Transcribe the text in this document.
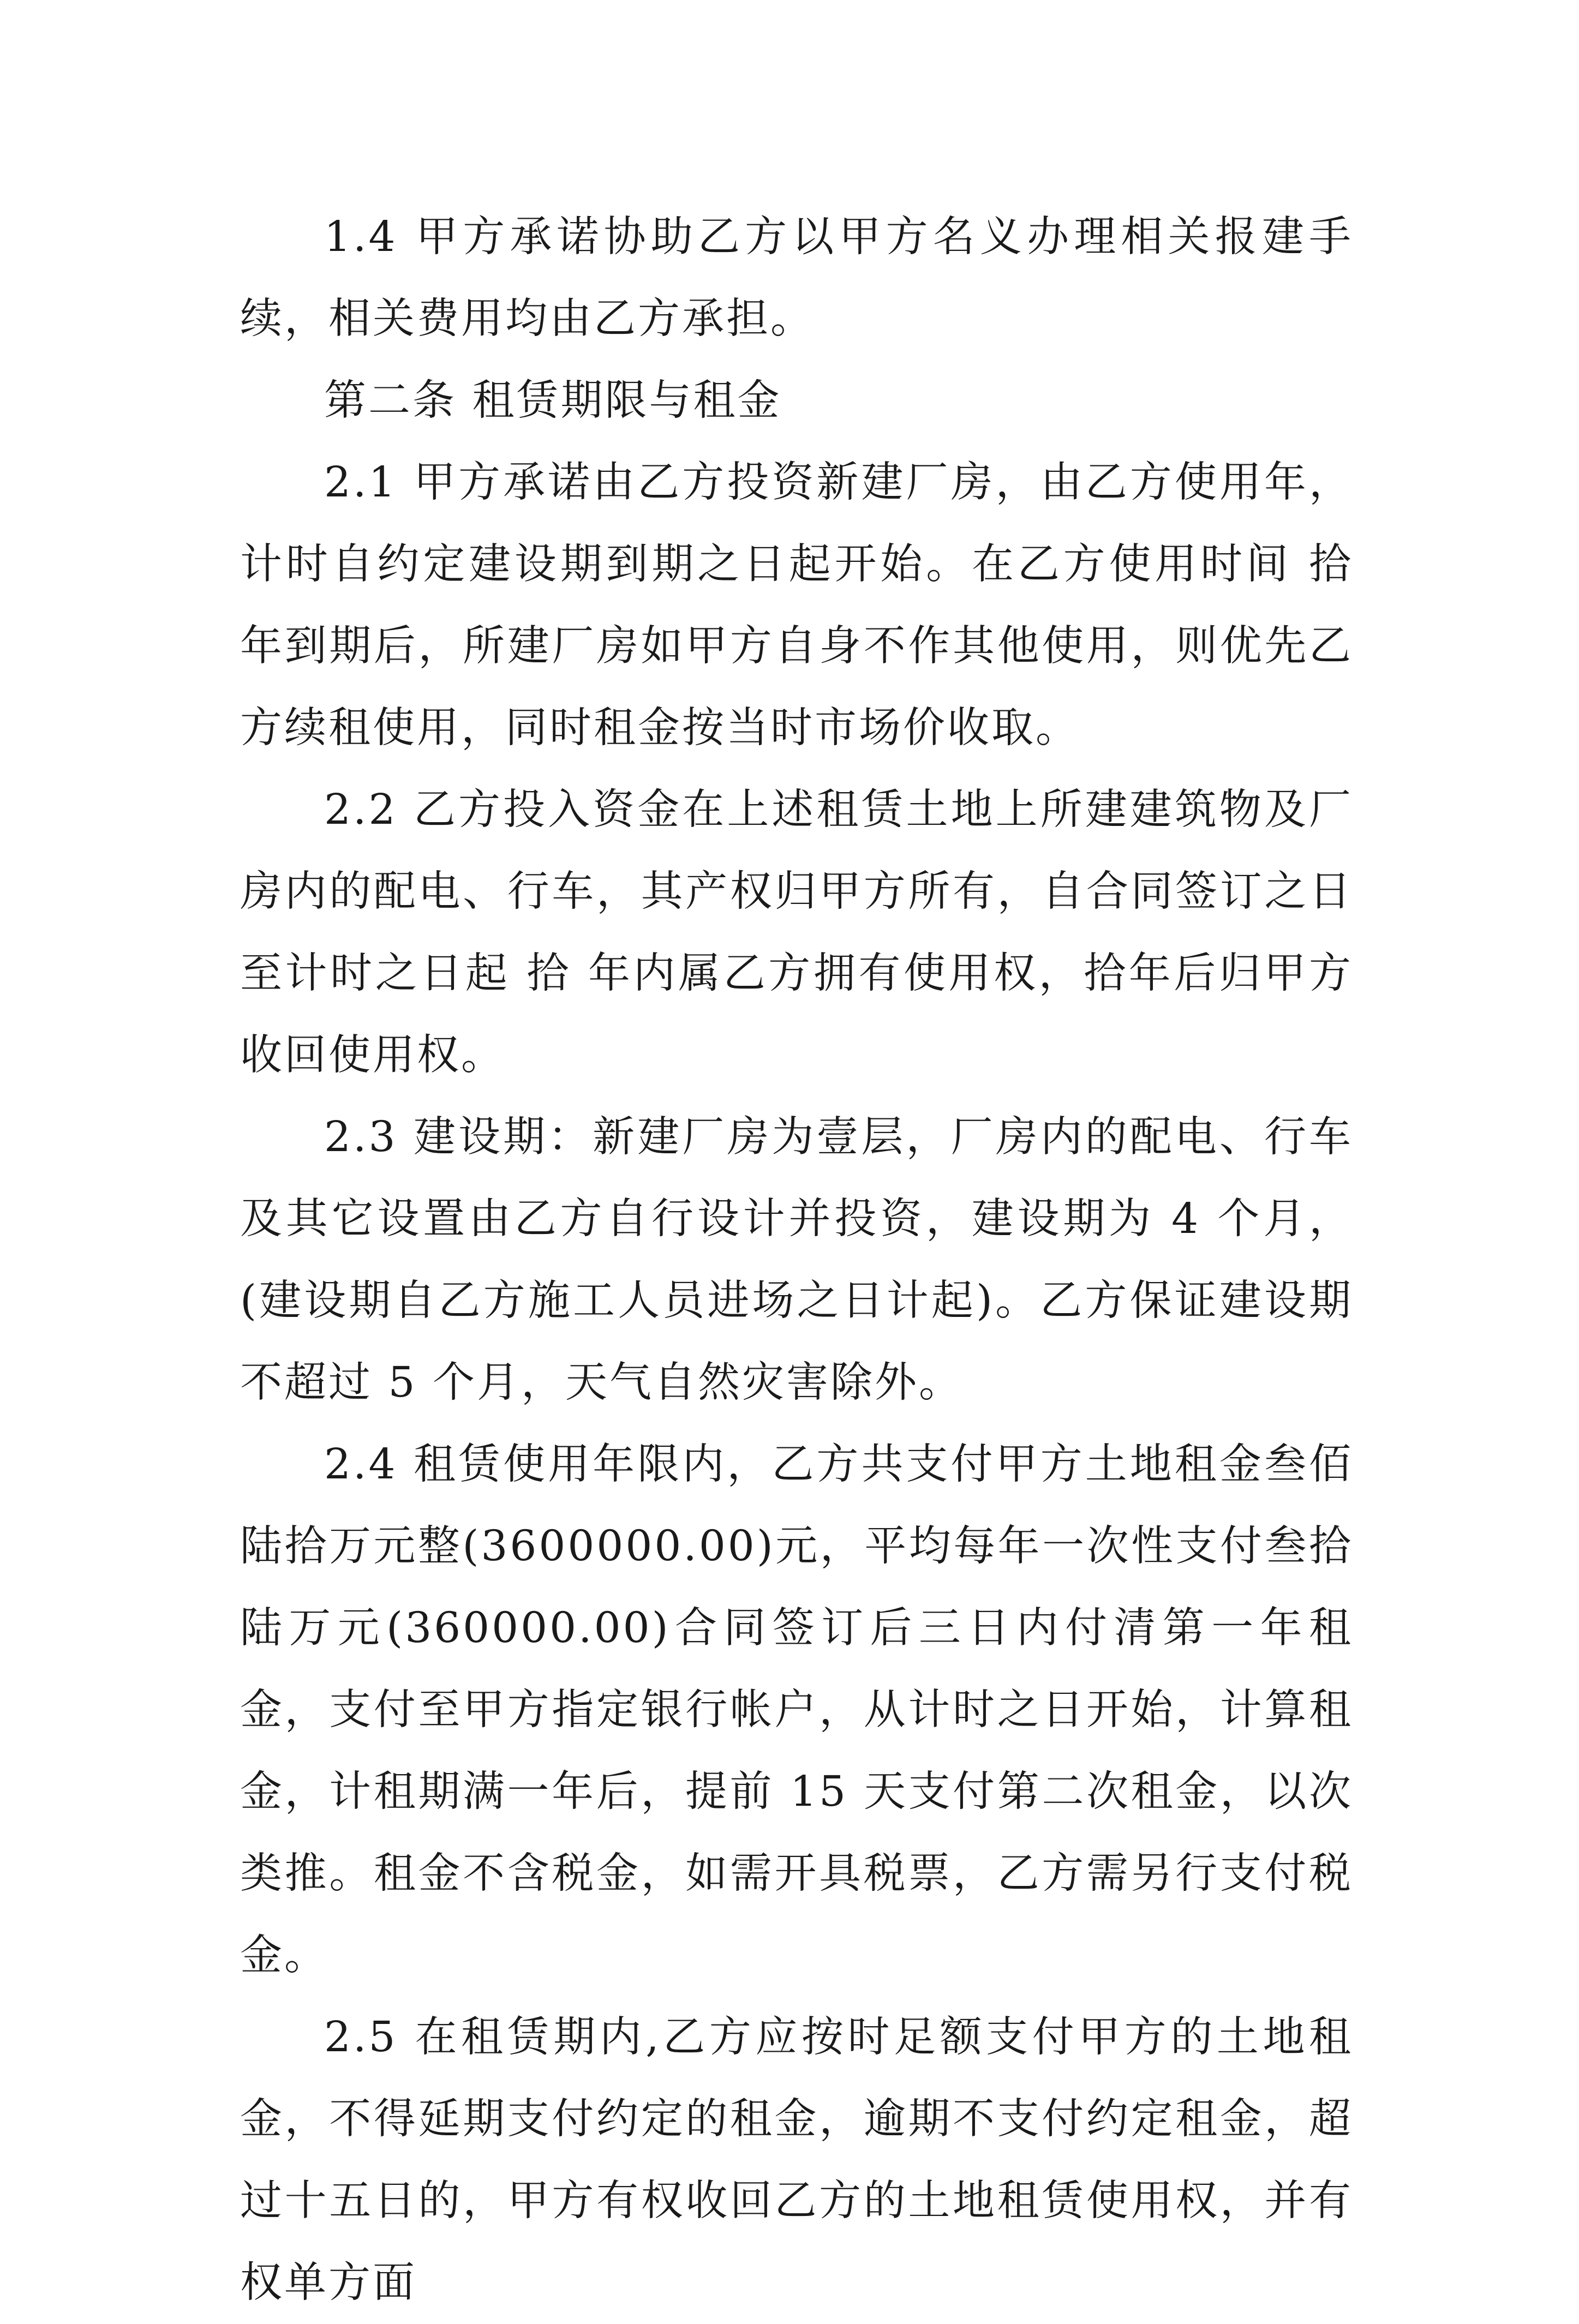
1.4 甲方承诺协助乙方以甲方名义办理相关报建手续，相关费用均由乙方承担。

第二条 租赁期限与租金

2.1 甲方承诺由乙方投资新建厂房，由乙方使用年，计时自约定建设期到期之日起开始。在乙方使用时间 拾 年到期后，所建厂房如甲方自身不作其他使用，则优先乙方续租使用，同时租金按当时市场价收取。

2.2 乙方投入资金在上述租赁土地上所建建筑物及厂房内的配电、行车，其产权归甲方所有，自合同签订之日至计时之日起 拾 年内属乙方拥有使用权，拾年后归甲方收回使用权。

2.3 建设期：新建厂房为壹层，厂房内的配电、行车及其它设置由乙方自行设计并投资，建设期为 4 个月，(建设期自乙方施工人员进场之日计起)。乙方保证建设期不超过 5 个月，天气自然灾害除外。

2.4 租赁使用年限内，乙方共支付甲方土地租金叁佰陆拾万元整(3600000.00)元，平均每年一次性支付叁拾陆万元(360000.00)合同签订后三日内付清第一年租金，支付至甲方指定银行帐户，从计时之日开始，计算租金，计租期满一年后，提前 15 天支付第二次租金，以次类推。租金不含税金，如需开具税票，乙方需另行支付税金。

2.5 在租赁期内,乙方应按时足额支付甲方的土地租金，不得延期支付约定的租金，逾期不支付约定租金，超过十五日的，甲方有权收回乙方的土地租赁使用权，并有权单方面
